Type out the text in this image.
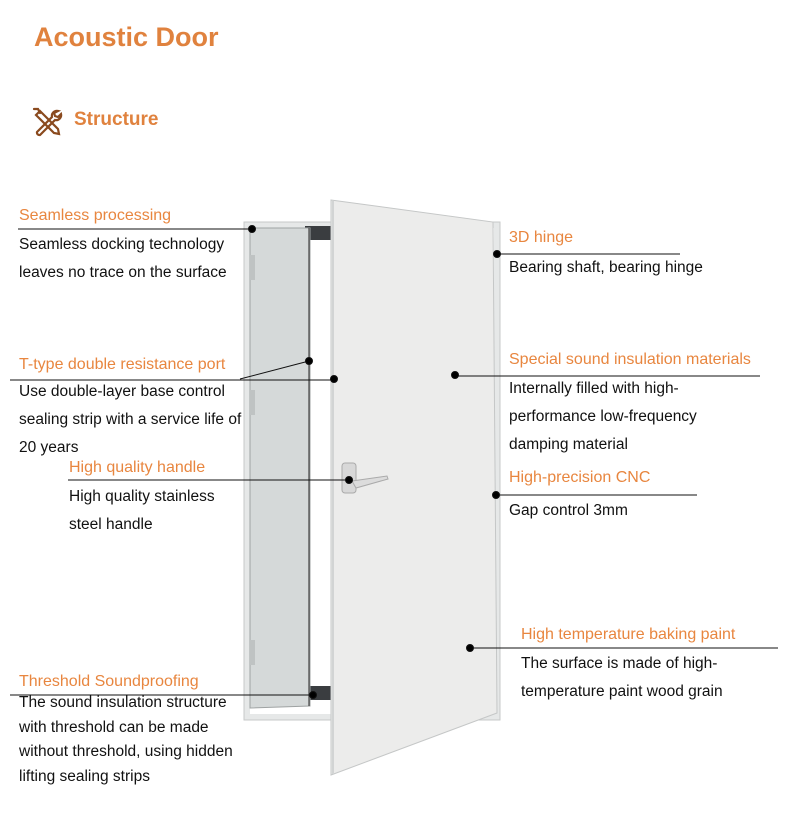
Acoustic Door
Structure
Seamless processing
Seamless docking technology leaves no trace on the surface
T-type double resistance port
Use double-layer base control sealing strip with a service life of 20 years
High quality handle
High quality stainless steel handle
Threshold Soundproofing
The sound insulation structure with threshold can be made without threshold, using hidden lifting sealing strips
3D hinge
Bearing shaft, bearing hinge
Special sound insulation materials
Internally filled with high-performance low-frequency damping material
High-precision CNC
Gap control 3mm
High temperature baking paint
The surface is made of high-temperature paint wood grain
